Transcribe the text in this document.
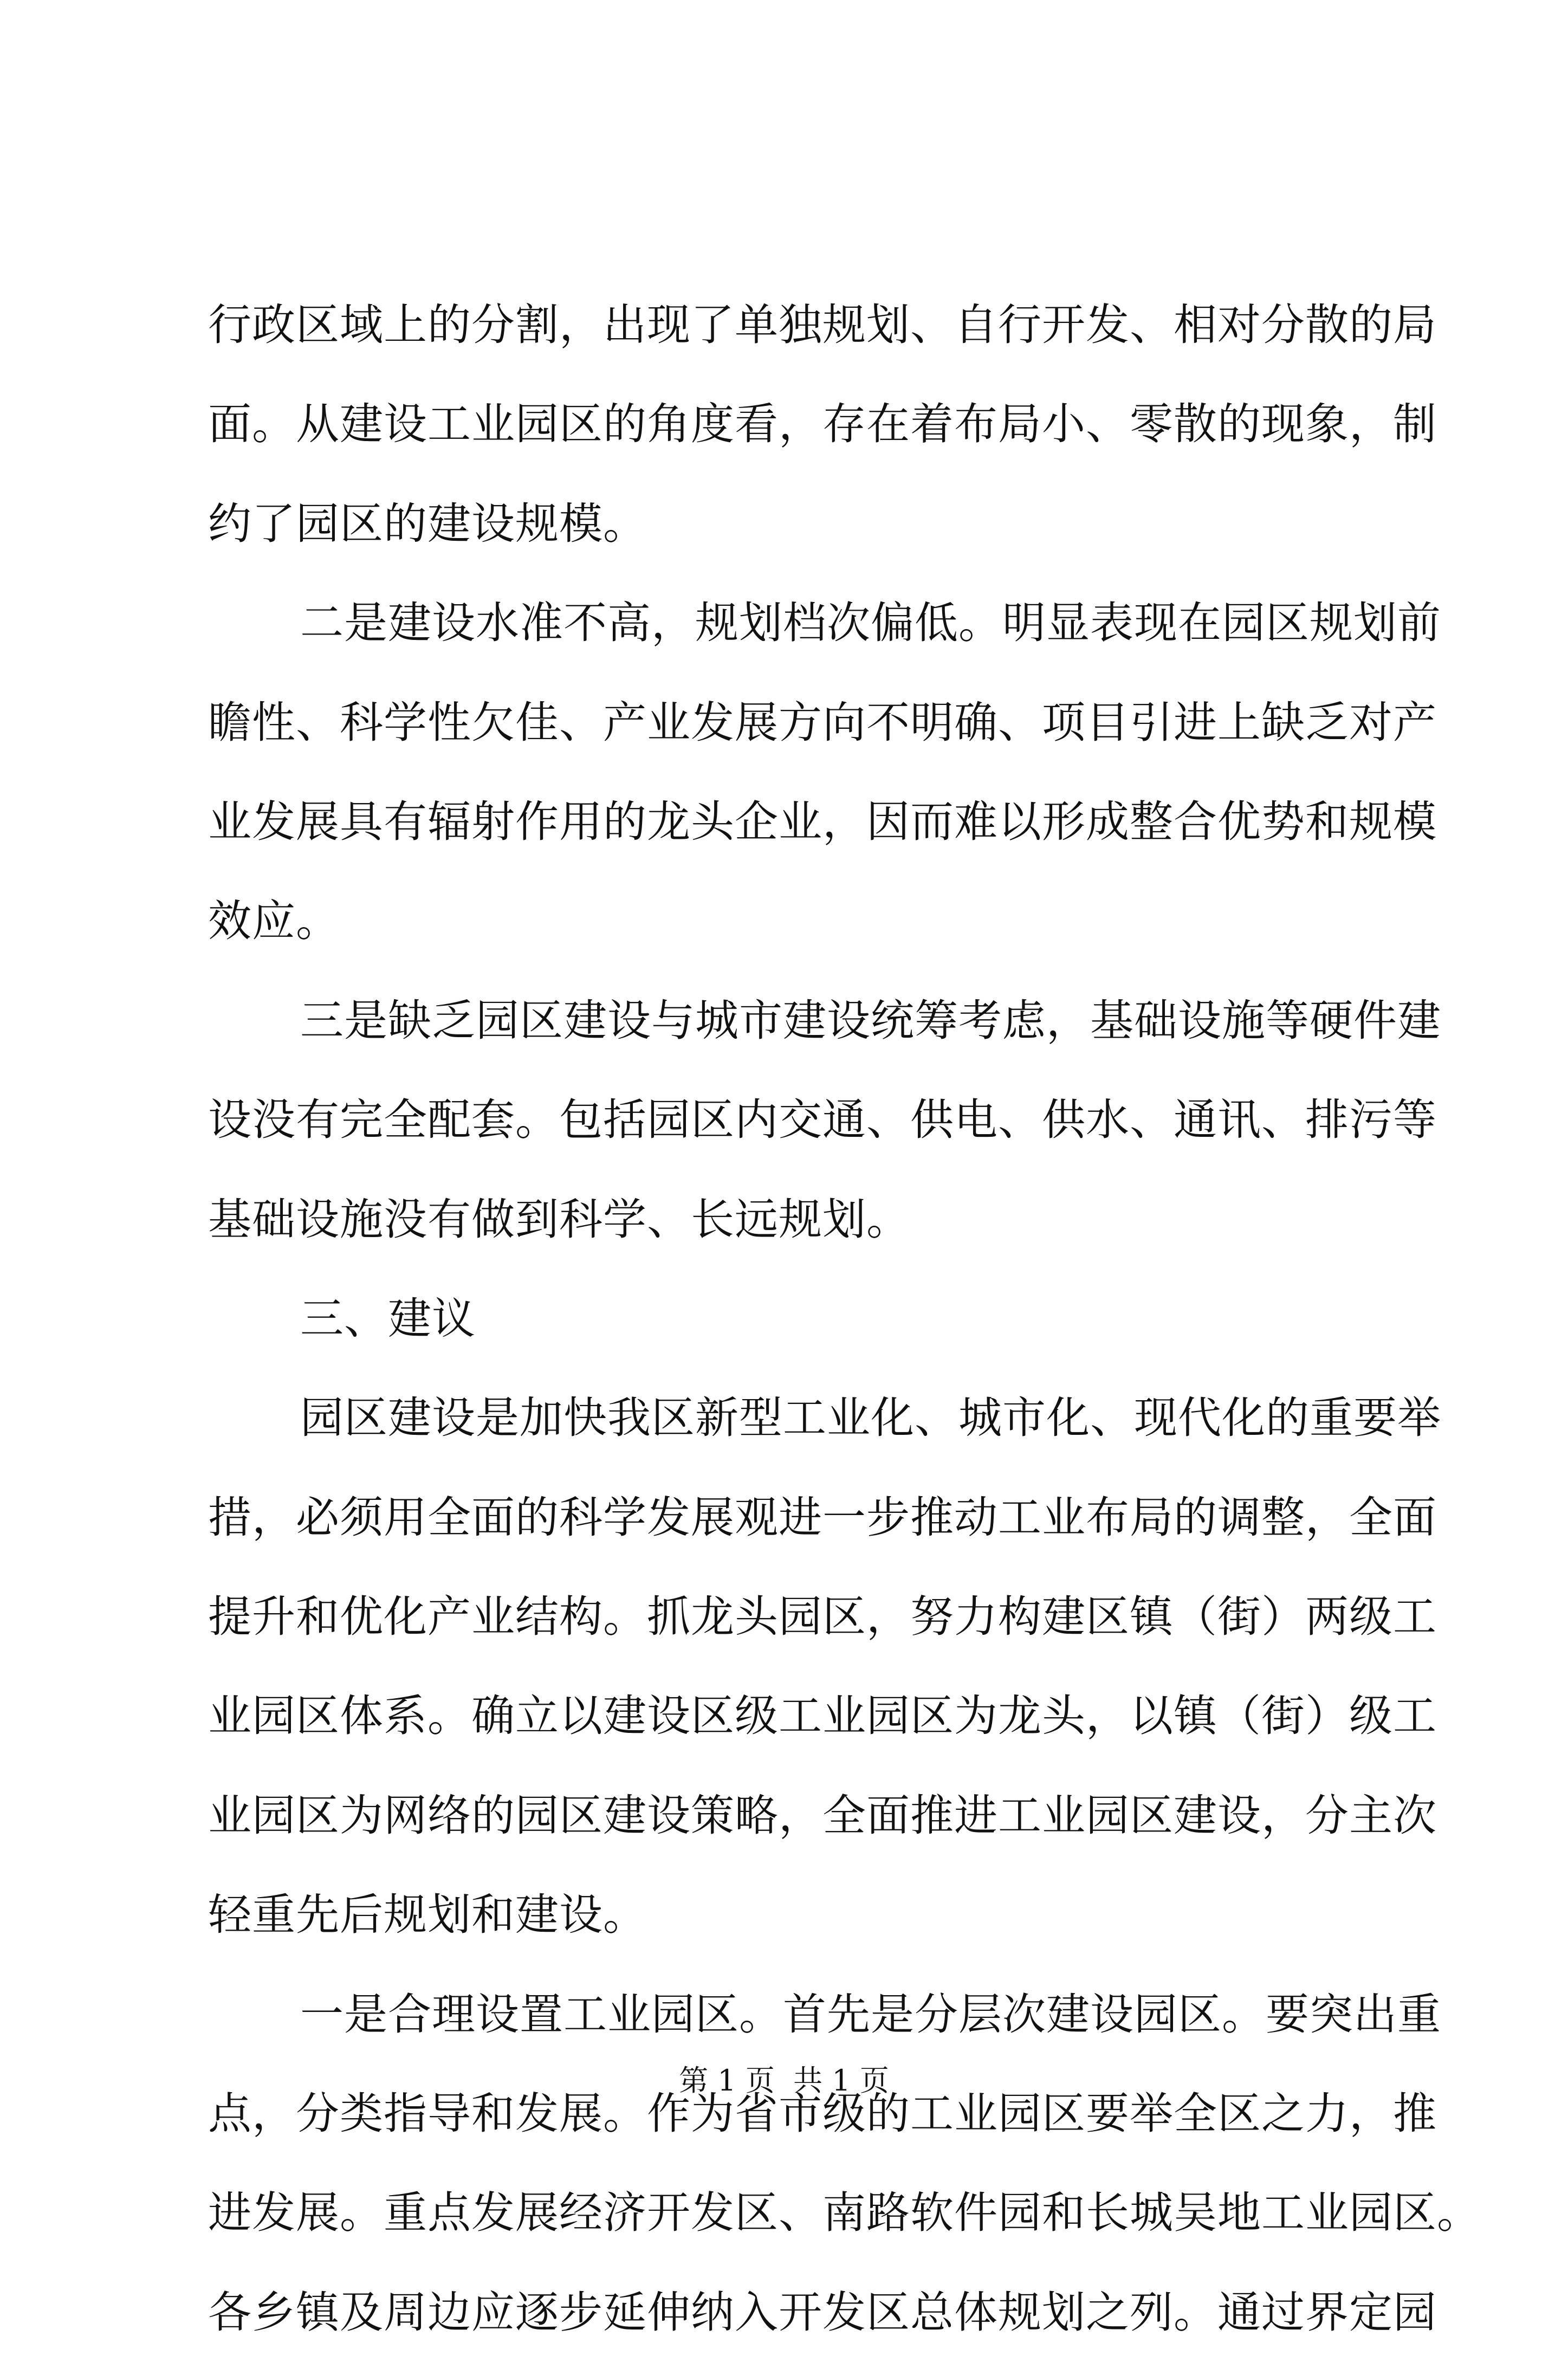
行政区域上的分割，出现了单独规划、自行开发、相对分散的局
面。从建设工业园区的角度看，存在着布局小、零散的现象，制
约了园区的建设规模。
二是建设水准不高，规划档次偏低。明显表现在园区规划前
瞻性、科学性欠佳、产业发展方向不明确、项目引进上缺乏对产
业发展具有辐射作用的龙头企业，因而难以形成整合优势和规模
效应。
三是缺乏园区建设与城市建设统筹考虑，基础设施等硬件建
设没有完全配套。包括园区内交通、供电、供水、通讯、排污等
基础设施没有做到科学、长远规划。
三、建议
园区建设是加快我区新型工业化、城市化、现代化的重要举
措，必须用全面的科学发展观进一步推动工业布局的调整，全面
提升和优化产业结构。抓龙头园区，努力构建区镇（街）两级工
业园区体系。确立以建设区级工业园区为龙头，以镇（街）级工
业园区为网络的园区建设策略，全面推进工业园区建设，分主次
轻重先后规划和建设。
一是合理设置工业园区。首先是分层次建设园区。要突出重
点，分类指导和发展。作为省市级的工业园区要举全区之力，推
进发展。重点发展经济开发区、南路软件园和长城吴地工业园区。
各乡镇及周边应逐步延伸纳入开发区总体规划之列。通过界定园
第 1 页  共 1 页
